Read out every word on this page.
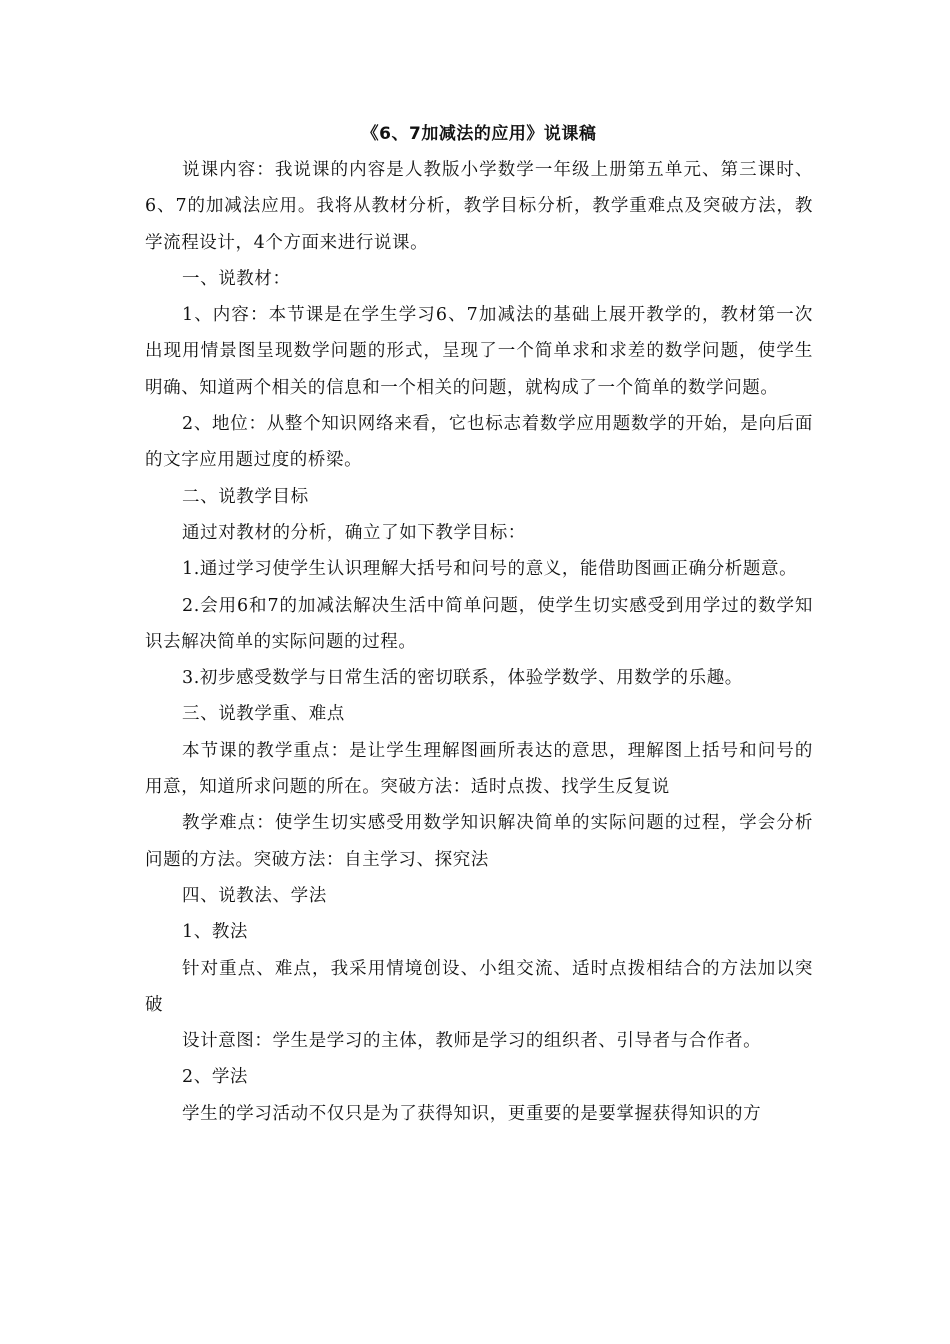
《6、7加减法的应用》说课稿

说课内容：我说课的内容是人教版小学数学一年级上册第五单元、第三课时、6、7的加减法应用。我将从教材分析，教学目标分析，教学重难点及突破方法，教学流程设计，4个方面来进行说课。

一、说教材：

1、内容：本节课是在学生学习6、7加减法的基础上展开教学的，教材第一次出现用情景图呈现数学问题的形式，呈现了一个简单求和求差的数学问题，使学生明确、知道两个相关的信息和一个相关的问题，就构成了一个简单的数学问题。

2、地位：从整个知识网络来看，它也标志着数学应用题数学的开始，是向后面的文字应用题过度的桥梁。

二、说教学目标

通过对教材的分析，确立了如下教学目标：

1.通过学习使学生认识理解大括号和问号的意义，能借助图画正确分析题意。

2.会用6和7的加减法解决生活中简单问题，使学生切实感受到用学过的数学知识去解决简单的实际问题的过程。

3.初步感受数学与日常生活的密切联系，体验学数学、用数学的乐趣。

三、说教学重、难点

本节课的教学重点：是让学生理解图画所表达的意思，理解图上括号和问号的用意，知道所求问题的所在。突破方法：适时点拨、找学生反复说

教学难点：使学生切实感受用数学知识解决简单的实际问题的过程，学会分析问题的方法。突破方法：自主学习、探究法

四、说教法、学法

1、教法

针对重点、难点，我采用情境创设、小组交流、适时点拨相结合的方法加以突破

设计意图：学生是学习的主体，教师是学习的组织者、引导者与合作者。

2、学法

学生的学习活动不仅只是为了获得知识，更重要的是要掌握获得知识的方
